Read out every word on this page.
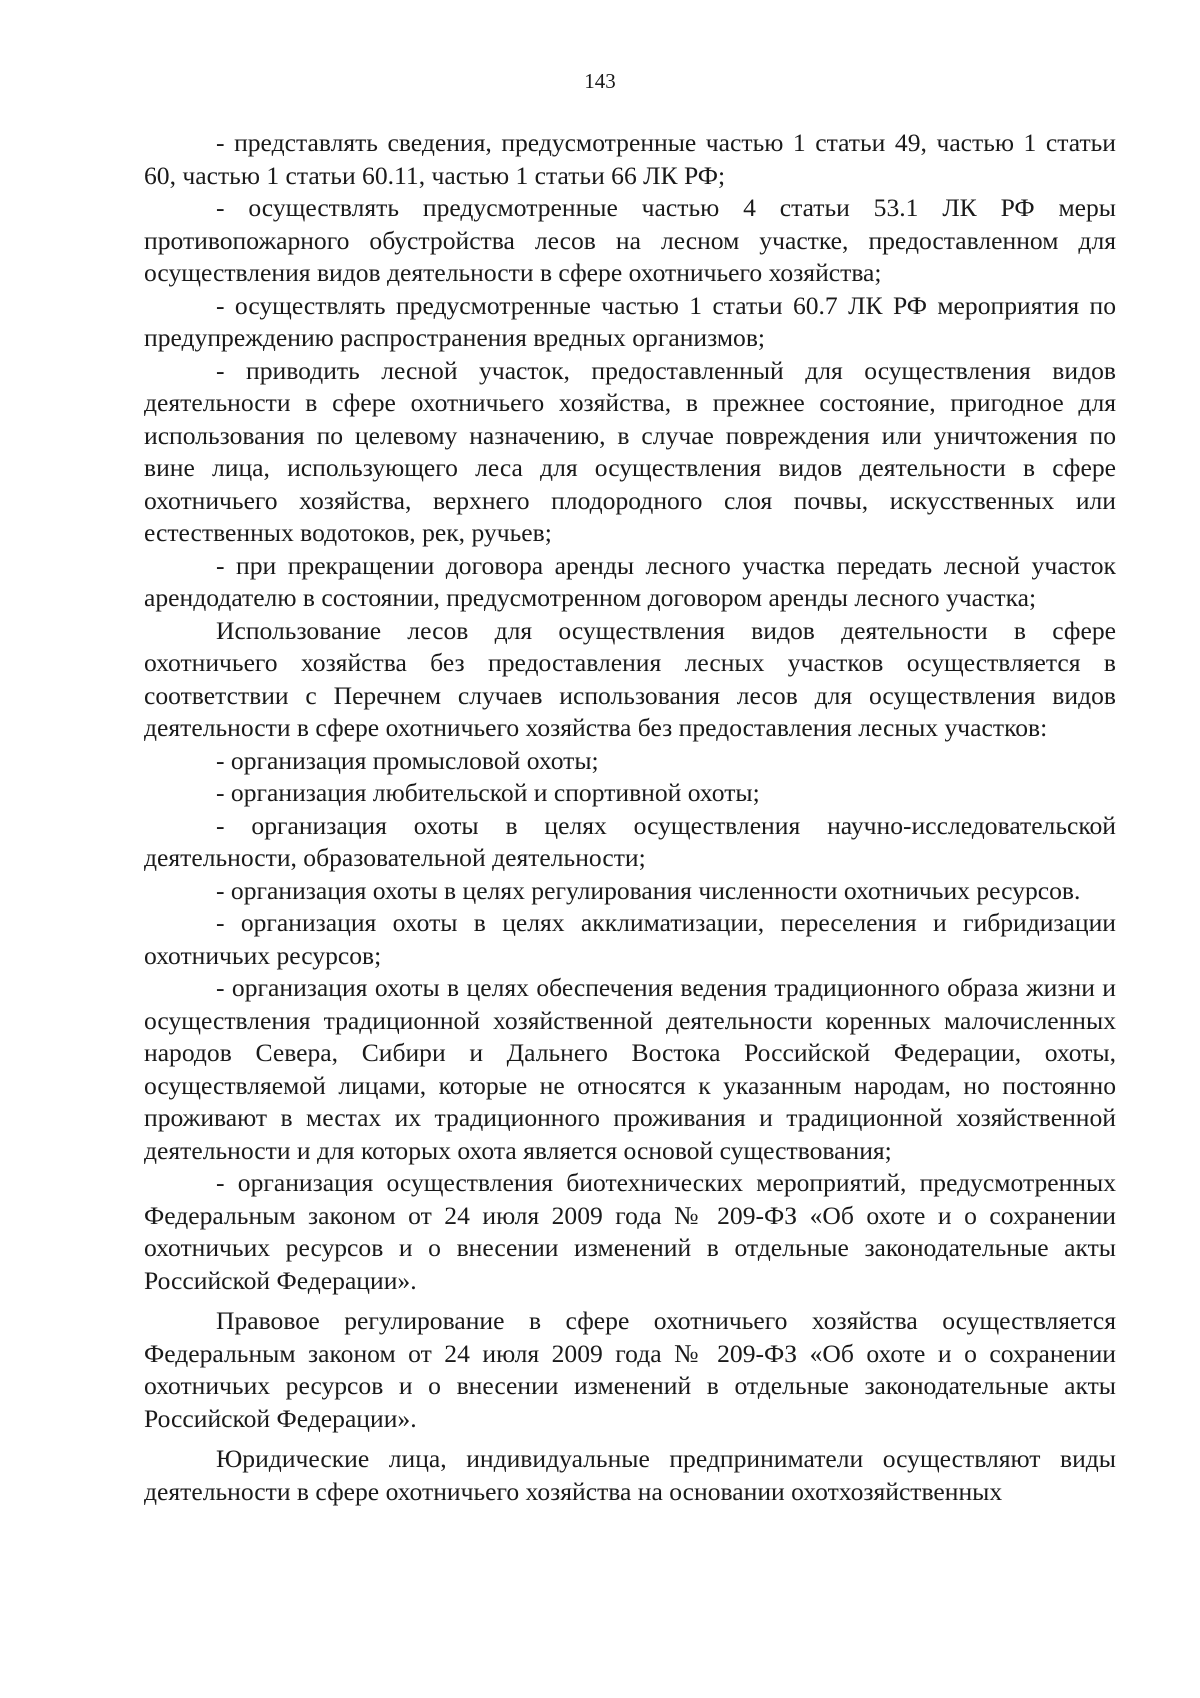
143

- представлять сведения, предусмотренные частью 1 статьи 49, частью 1 статьи 60, частью 1 статьи 60.11, частью 1 статьи 66 ЛК РФ;

- осуществлять предусмотренные частью 4 статьи 53.1 ЛК РФ меры противопожарного обустройства лесов на лесном участке, предоставленном для осуществления видов деятельности в сфере охотничьего хозяйства;

- осуществлять предусмотренные частью 1 статьи 60.7 ЛК РФ мероприятия по предупреждению распространения вредных организмов;

- приводить лесной участок, предоставленный для осуществления видов деятельности в сфере охотничьего хозяйства, в прежнее состояние, пригодное для использования по целевому назначению, в случае повреждения или уничтожения по вине лица, использующего леса для осуществления видов деятельности в сфере охотничьего хозяйства, верхнего плодородного слоя почвы, искусственных или естественных водотоков, рек, ручьев;

- при прекращении договора аренды лесного участка передать лесной участок арендодателю в состоянии, предусмотренном договором аренды лесного участка;

Использование лесов для осуществления видов деятельности в сфере охотничьего хозяйства без предоставления лесных участков осуществляется в соответствии с Перечнем случаев использования лесов для осуществления видов деятельности в сфере охотничьего хозяйства без предоставления лесных участков:

- организация промысловой охоты;

- организация любительской и спортивной охоты;

- организация охоты в целях осуществления научно-исследовательской деятельности, образовательной деятельности;

- организация охоты в целях регулирования численности охотничьих ресурсов.

- организация охоты в целях акклиматизации, переселения и гибридизации охотничьих ресурсов;

- организация охоты в целях обеспечения ведения традиционного образа жизни и осуществления традиционной хозяйственной деятельности коренных малочисленных народов Севера, Сибири и Дальнего Востока Российской Федерации, охоты, осуществляемой лицами, которые не относятся к указанным народам, но постоянно проживают в местах их традиционного проживания и традиционной хозяйственной деятельности и для которых охота является основой существования;

- организация осуществления биотехнических мероприятий, предусмотренных Федеральным законом от 24 июля 2009 года № 209-ФЗ «Об охоте и о сохранении охотничьих ресурсов и о внесении изменений в отдельные законодательные акты Российской Федерации».

Правовое регулирование в сфере охотничьего хозяйства осуществляется Федеральным законом от 24 июля 2009 года № 209-ФЗ «Об охоте и о сохранении охотничьих ресурсов и о внесении изменений в отдельные законодательные акты Российской Федерации».

Юридические лица, индивидуальные предприниматели осуществляют виды деятельности в сфере охотничьего хозяйства на основании охотхозяйственных
